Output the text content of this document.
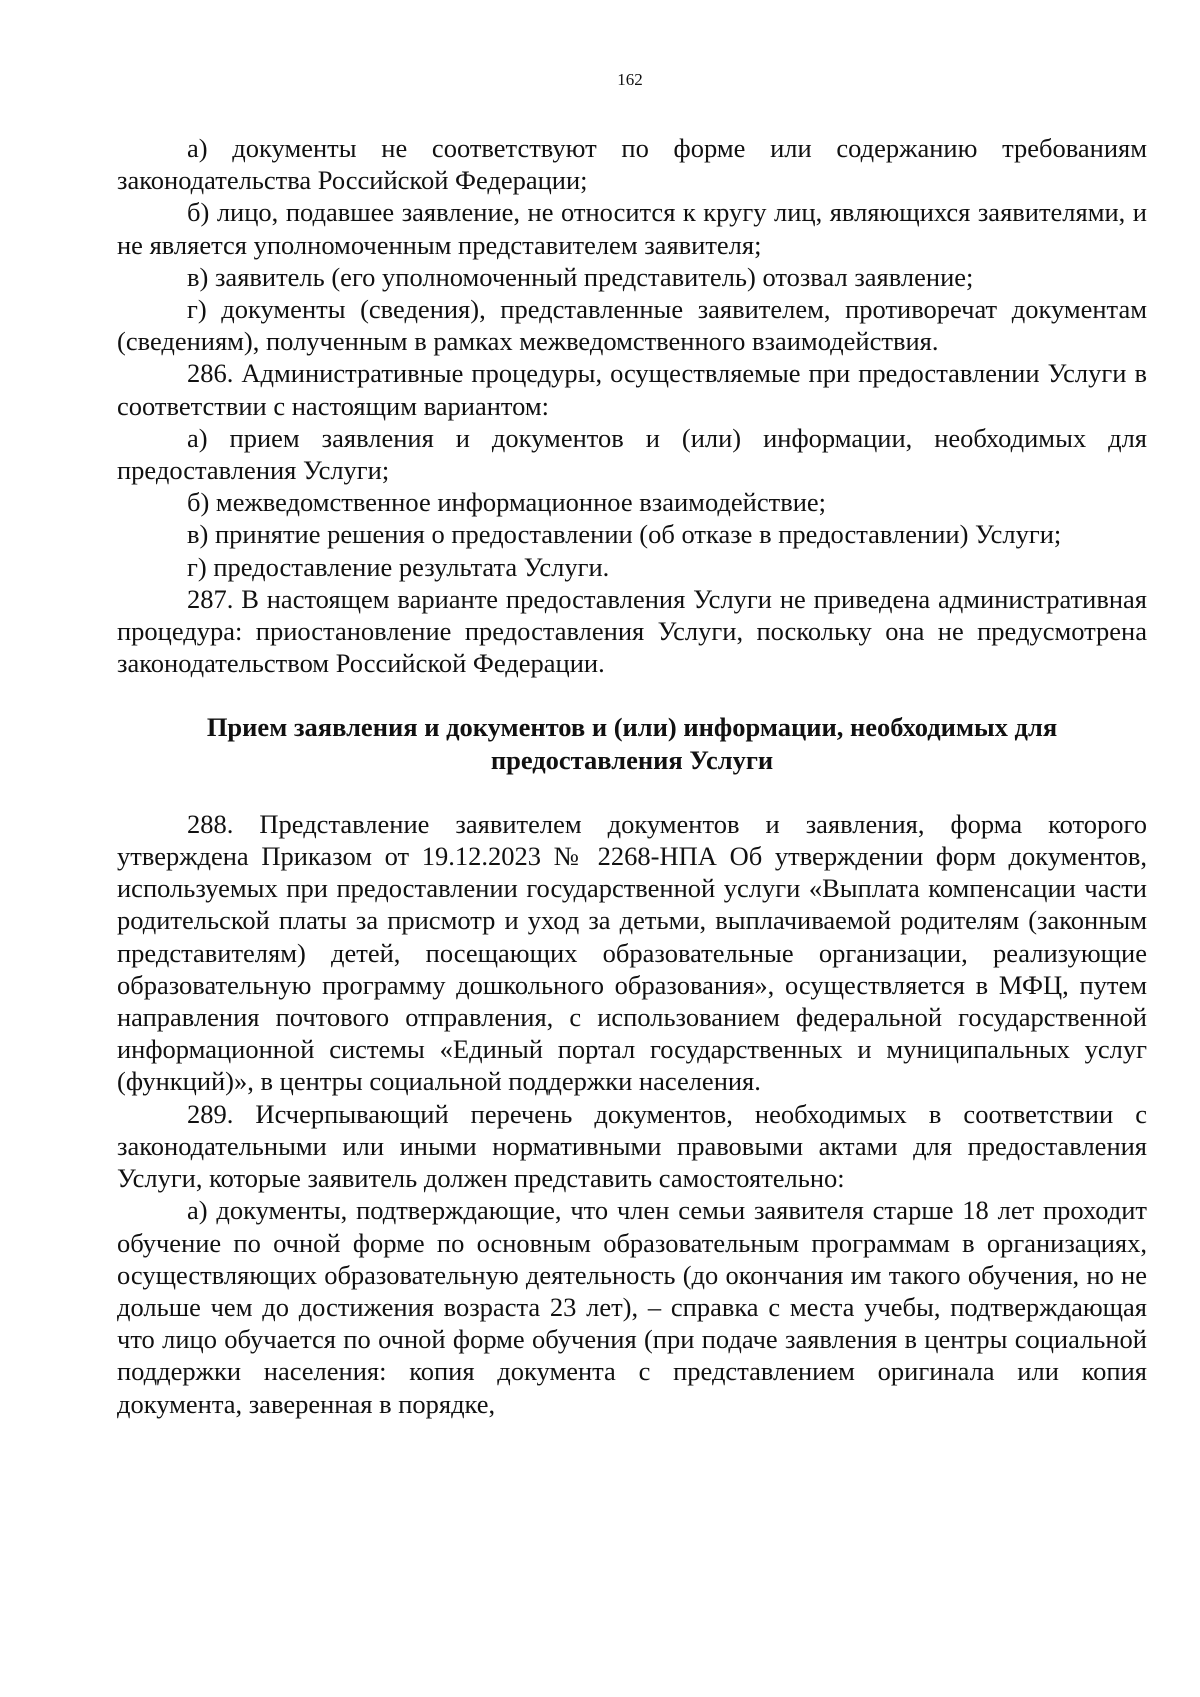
162

а) документы не соответствуют по форме или содержанию требованиям законодательства Российской Федерации;

б) лицо, подавшее заявление, не относится к кругу лиц, являющихся заявителями, и не является уполномоченным представителем заявителя;

в) заявитель (его уполномоченный представитель) отозвал заявление;

г) документы (сведения), представленные заявителем, противоречат документам (сведениям), полученным в рамках межведомственного взаимодействия.

286. Административные процедуры, осуществляемые при предоставлении Услуги в соответствии с настоящим вариантом:

а) прием заявления и документов и (или) информации, необходимых для предоставления Услуги;

б) межведомственное информационное взаимодействие;

в) принятие решения о предоставлении (об отказе в предоставлении) Услуги;

г) предоставление результата Услуги.

287. В настоящем варианте предоставления Услуги не приведена административная процедура: приостановление предоставления Услуги, поскольку она не предусмотрена законодательством Российской Федерации.

Прием заявления и документов и (или) информации, необходимых для
предоставления Услуги

288. Представление заявителем документов и заявления, форма которого утверждена Приказом от 19.12.2023 № 2268-НПА Об утверждении форм документов, используемых при предоставлении государственной услуги «Выплата компенсации части родительской платы за присмотр и уход за детьми, выплачиваемой родителям (законным представителям) детей, посещающих образовательные организации, реализующие образовательную программу дошкольного образования», осуществляется в МФЦ, путем направления почтового отправления, с использованием федеральной государственной информационной системы «Единый портал государственных и муниципальных услуг (функций)», в центры социальной поддержки населения.

289. Исчерпывающий перечень документов, необходимых в соответствии с законодательными или иными нормативными правовыми актами для предоставления Услуги, которые заявитель должен представить самостоятельно:

а) документы, подтверждающие, что член семьи заявителя старше 18 лет проходит обучение по очной форме по основным образовательным программам в организациях, осуществляющих образовательную деятельность (до окончания им такого обучения, но не дольше чем до достижения возраста 23 лет), – справка с места учебы, подтверждающая что лицо обучается по очной форме обучения (при подаче заявления в центры социальной поддержки населения: копия документа с представлением оригинала или копия документа, заверенная в порядке,
